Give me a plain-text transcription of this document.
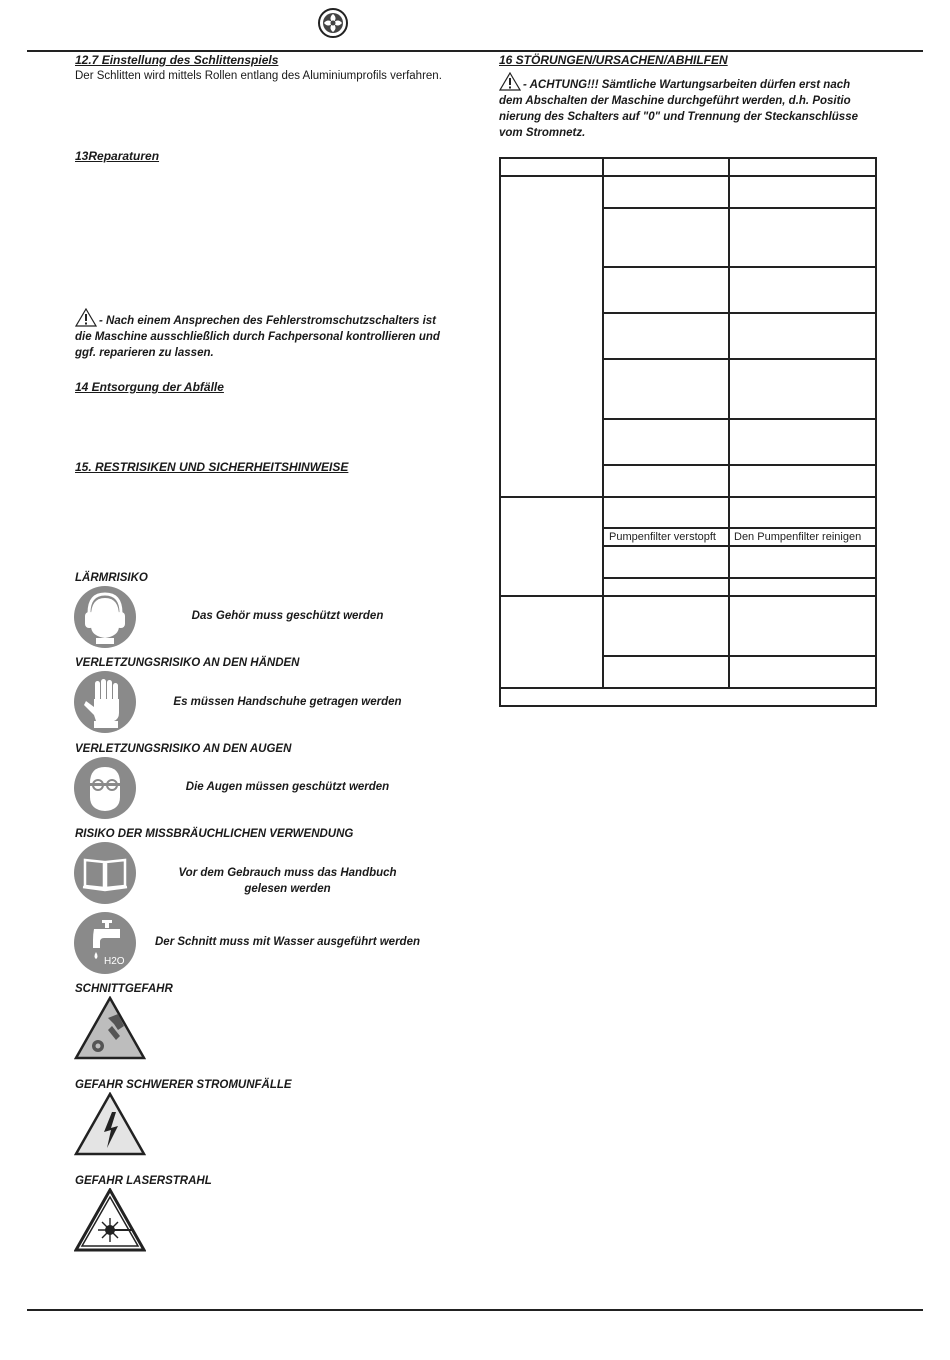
12.7 Einstellung des Schlittenspiels
Der Schlitten wird mittels Rollen entlang des Aluminiumprofils verfahren.
13Reparaturen
- Nach einem Ansprechen des Fehlerstromschutzschalters ist
die Maschine ausschließlich durch Fachpersonal kontrollieren und
ggf. reparieren zu lassen.
14 Entsorgung der Abfälle
15. RESTRISIKEN UND SICHERHEITSHINWEISE
LÄRMRISIKO
Das Gehör muss geschützt werden
VERLETZUNGSRISIKO AN DEN HÄNDEN
Es müssen Handschuhe getragen werden
VERLETZUNGSRISIKO AN DEN AUGEN
Die Augen müssen geschützt werden
RISIKO DER MISSBRÄUCHLICHEN VERWENDUNG
Vor dem Gebrauch muss das Handbuch
gelesen werden
H2O
Der Schnitt muss mit Wasser ausgeführt werden
SCHNITTGEFAHR
GEFAHR SCHWERER STROMUNFÄLLE
GEFAHR LASERSTRAHL
16 STÖRUNGEN/URSACHEN/ABHILFEN
- ACHTUNG!!! Sämtliche Wartungsarbeiten dürfen erst nach
dem Abschalten der Maschine durchgeführt werden, d.h. Positio
nierung des Schalters auf "0" und Trennung der Steckanschlüsse
vom Stromnetz.
Pumpenfilter verstopft Den Pumpenfilter reinigen
